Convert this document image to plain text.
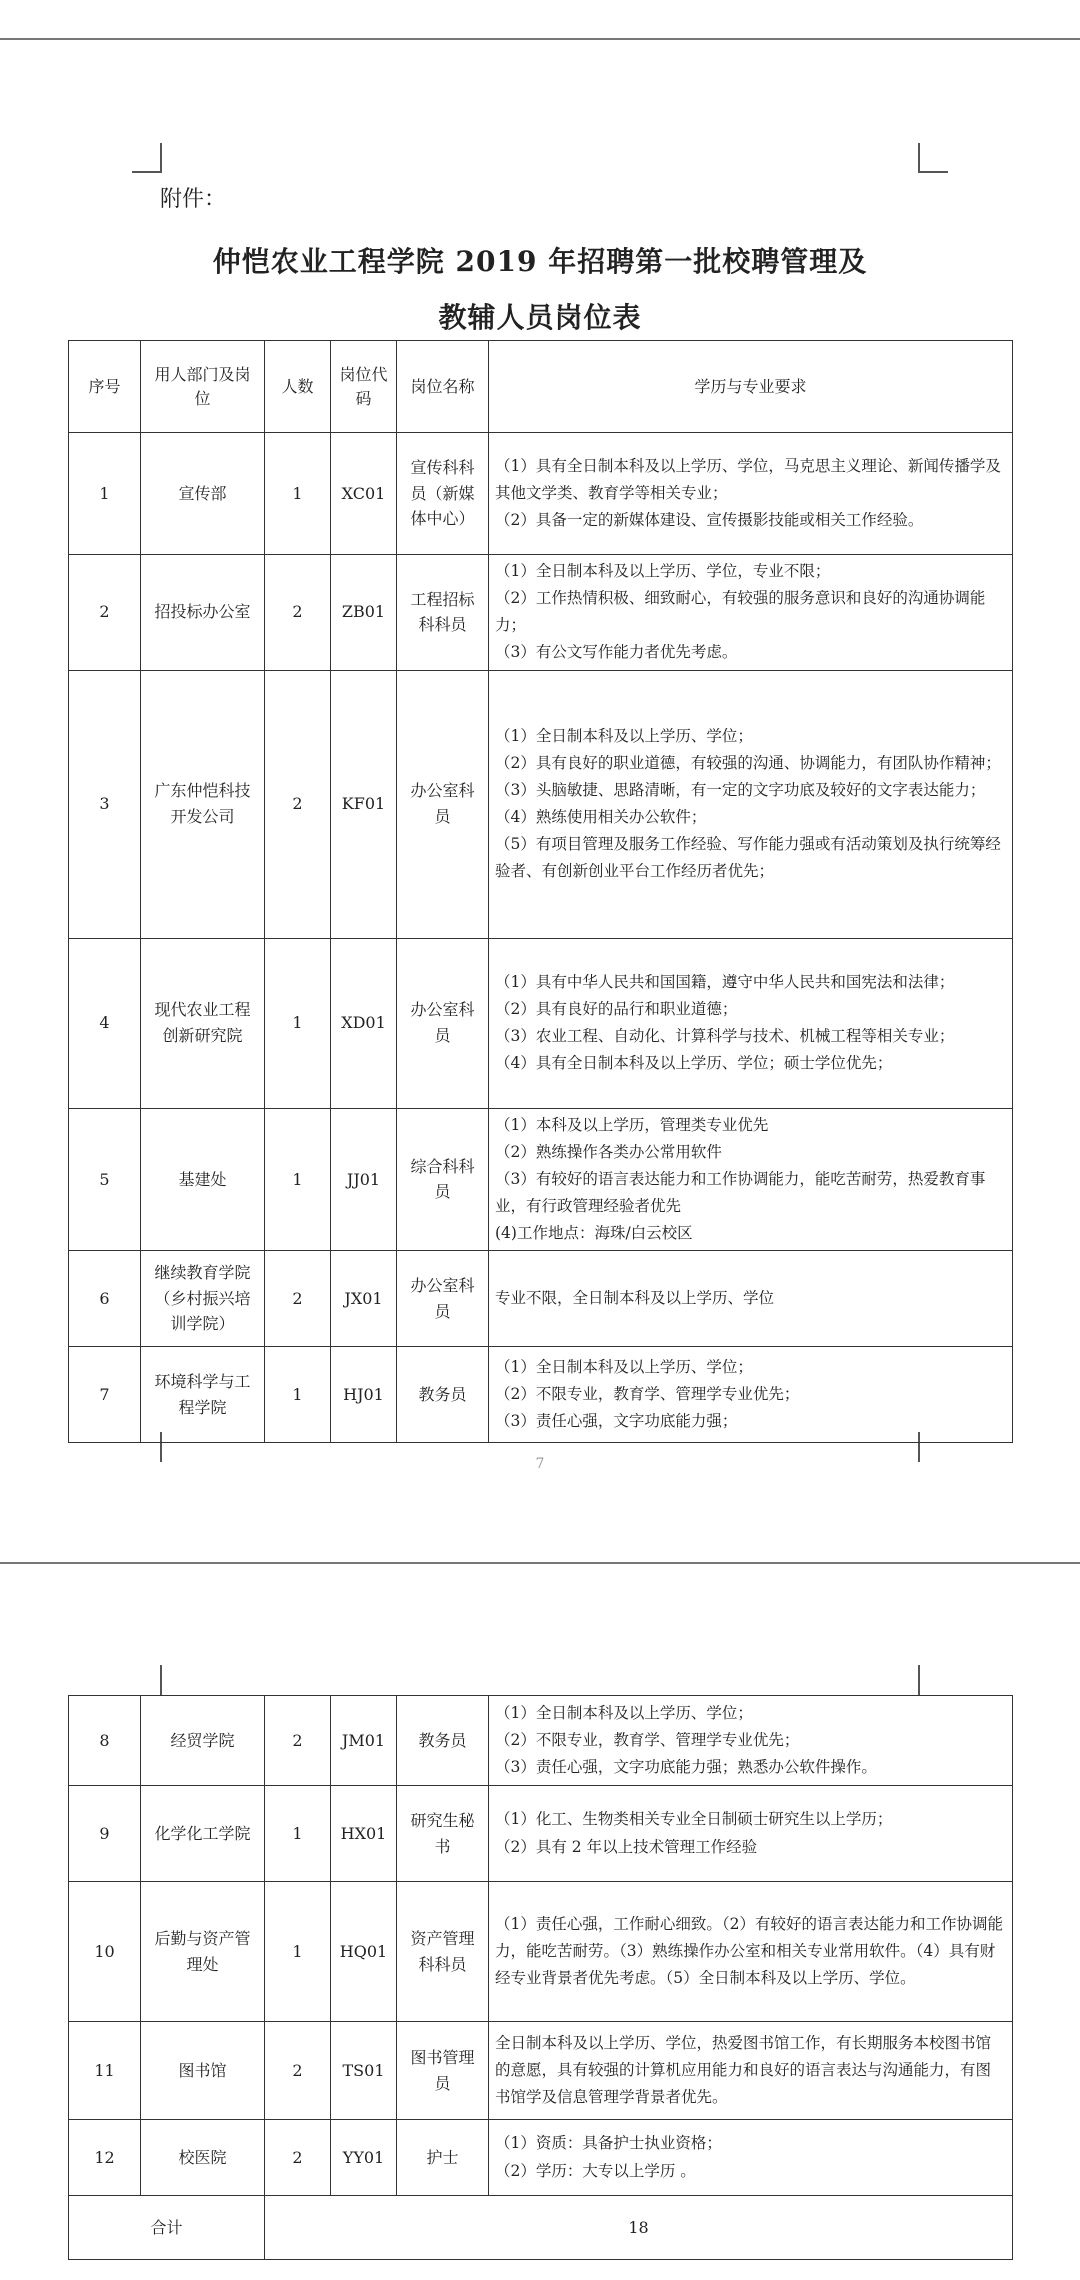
附件：
仲恺农业工程学院 2019 年招聘第一批校聘管理及
教辅人员岗位表
序号	用人部门及岗位	人数	岗位代码	岗位名称	学历与专业要求
1	宣传部	1	XC01	宣传科科员（新媒体中心）	（1）具有全日制本科及以上学历、学位，马克思主义理论、新闻传播学及其他文学类、教育学等相关专业；
（2）具备一定的新媒体建设、宣传摄影技能或相关工作经验。

2	招投标办公室	2	ZB01	工程招标科科员	（1）全日制本科及以上学历、学位，专业不限；
（2）工作热情积极、细致耐心，有较强的服务意识和良好的沟通协调能力；
（3）有公文写作能力者优先考虑。

3	广东仲恺科技开发公司	2	KF01	办公室科员	（1）全日制本科及以上学历、学位；
（2）具有良好的职业道德，有较强的沟通、协调能力，有团队协作精神；
（3）头脑敏捷、思路清晰，有一定的文字功底及较好的文字表达能力；
（4）熟练使用相关办公软件；
（5）有项目管理及服务工作经验、写作能力强或有活动策划及执行统筹经验者、有创新创业平台工作经历者优先；

4	现代农业工程创新研究院	1	XD01	办公室科员	（1）具有中华人民共和国国籍，遵守中华人民共和国宪法和法律；
（2）具有良好的品行和职业道德；
（3）农业工程、自动化、计算科学与技术、机械工程等相关专业；
（4）具有全日制本科及以上学历、学位；硕士学位优先；

5	基建处	1	JJ01	综合科科员	（1）本科及以上学历，管理类专业优先
（2）熟练操作各类办公常用软件
（3）有较好的语言表达能力和工作协调能力，能吃苦耐劳，热爱教育事业，有行政管理经验者优先
(4)工作地点：海珠/白云校区

6	继续教育学院（乡村振兴培训学院）	2	JX01	办公室科员	专业不限，全日制本科及以上学历、学位

7	环境科学与工程学院	1	HJ01	教务员	（1）全日制本科及以上学历、学位；
（2）不限专业，教育学、管理学专业优先；
（3）责任心强，文字功底能力强；
7
8	经贸学院	2	JM01	教务员	（1）全日制本科及以上学历、学位；
（2）不限专业，教育学、管理学专业优先；
（3）责任心强，文字功底能力强；熟悉办公软件操作。

9	化学化工学院	1	HX01	研究生秘书	（1）化工、生物类相关专业全日制硕士研究生以上学历；
（2）具有 2 年以上技术管理工作经验

10	后勤与资产管理处	1	HQ01	资产管理科科员	（1）责任心强，工作耐心细致。（2）有较好的语言表达能力和工作协调能力，能吃苦耐劳。（3）熟练操作办公室和相关专业常用软件。（4）具有财经专业背景者优先考虑。（5）全日制本科及以上学历、学位。

11	图书馆	2	TS01	图书管理员	全日制本科及以上学历、学位，热爱图书馆工作，有长期服务本校图书馆的意愿，具有较强的计算机应用能力和良好的语言表达与沟通能力，有图书馆学及信息管理学背景者优先。

12	校医院	2	YY01	护士	（1）资质：具备护士执业资格；
（2）学历：大专以上学历 。

合计		18			
